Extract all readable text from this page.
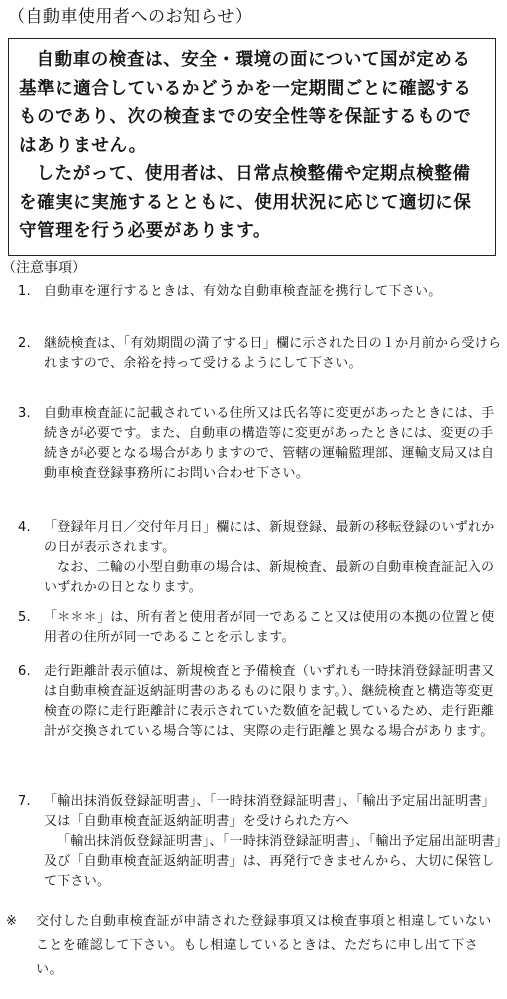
（自動車使用者へのお知らせ）

自動車の検査は、安全・環境の面について国が定める基準に適合しているかどうかを一定期間ごとに確認するものであり、次の検査までの安全性等を保証するものではありません。

したがって、使用者は、日常点検整備や定期点検整備を確実に実施するとともに、使用状況に応じて適切に保守管理を行う必要があります。

（注意事項）
1. 自動車を運行するときは、有効な自動車検査証を携行して下さい。

2. 継続検査は、「有効期間の満了する日」欄に示された日の１か月前から受けられますので、余裕を持って受けるようにして下さい。

3. 自動車検査証に記載されている住所又は氏名等に変更があったときには、手続きが必要です。また、自動車の構造等に変更があったときには、変更の手続きが必要となる場合がありますので、管轄の運輸監理部、運輸支局又は自動車検査登録事務所にお問い合わせ下さい。

4. 「登録年月日／交付年月日」欄には、新規登録、最新の移転登録のいずれかの日が表示されます。

なお、二輪の小型自動車の場合は、新規検査、最新の自動車検査証記入のいずれかの日となります。

5. 「＊＊＊」は、所有者と使用者が同一であること又は使用の本拠の位置と使用者の住所が同一であることを示します。

6. 走行距離計表示値は、新規検査と予備検査（いずれも一時抹消登録証明書又は自動車検査証返納証明書のあるものに限ります。）、継続検査と構造等変更検査の際に走行距離計に表示されていた数値を記載しているため、走行距離計が交換されている場合等には、実際の走行距離と異なる場合があります。

7. 「輸出抹消仮登録証明書」、「一時抹消登録証明書」、「輸出予定届出証明書」又は「自動車検査証返納証明書」を受けられた方へ

「輸出抹消仮登録証明書」、「一時抹消登録証明書」、「輸出予定届出証明書」及び「自動車検査証返納証明書」は、再発行できませんから、大切に保管して下さい。

※ 交付した自動車検査証が申請された登録事項又は検査事項と相違していないことを確認して下さい。もし相違しているときは、ただちに申し出て下さい。
